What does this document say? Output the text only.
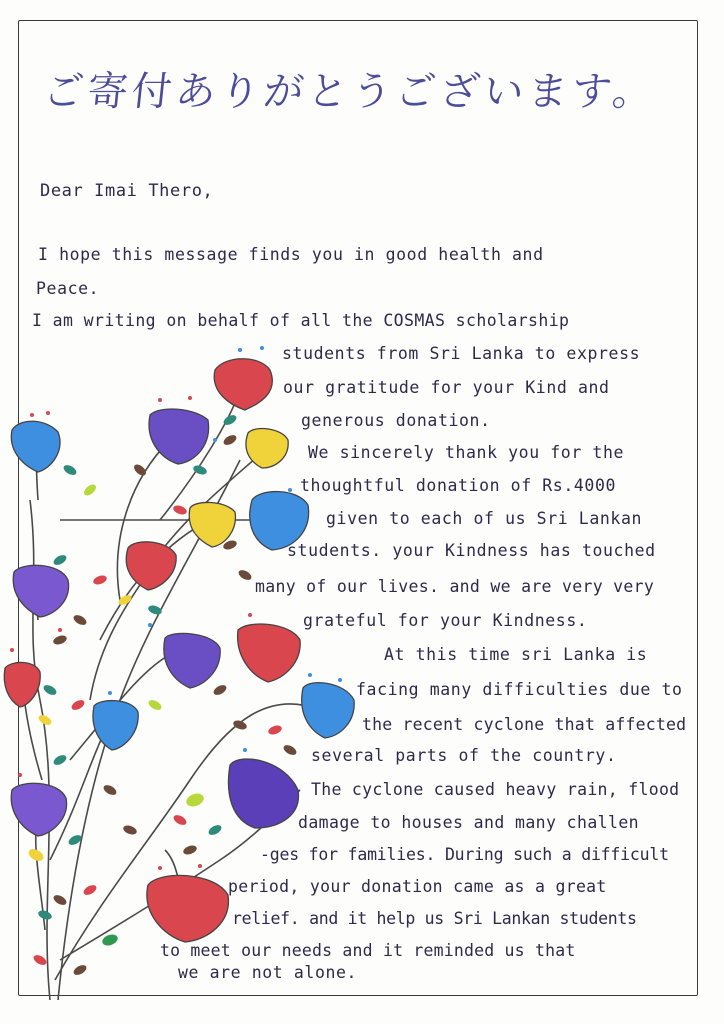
ご寄付ありがとうございます。
Dear Imai Thero,
I hope this message finds you in good health and
Peace.
I am writing on behalf of all the COSMAS scholarship
students from Sri Lanka to express
our gratitude for your Kind and
generous donation.
We sincerely thank you for the
thoughtful donation of Rs.4000
given to each of us Sri Lankan
students. your Kindness has touched
many of our lives. and we are very very
grateful for your Kindness.
At this time sri Lanka is
facing many difficulties due to
the recent cyclone that affected
several parts of the country.
The cyclone caused heavy rain, flood
damage to houses and many challen
-ges for families. During such a difficult
period, your donation came as a great
relief. and it help us Sri Lankan students
to meet our needs and it reminded us that
we are not alone.
